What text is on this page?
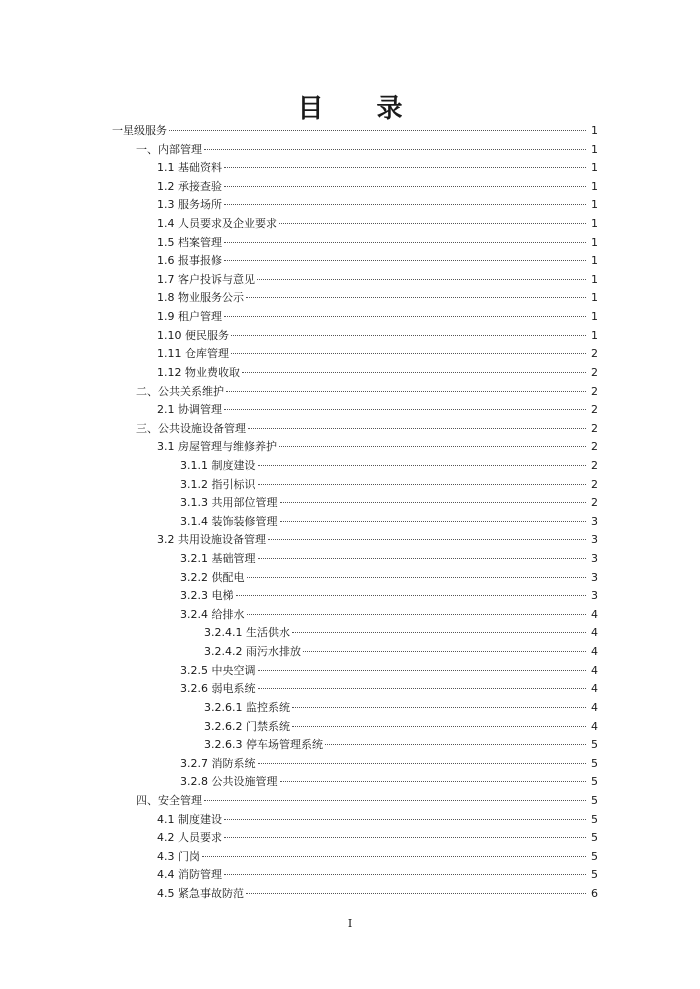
目 录
一星级服务	1
一、内部管理	1
1.1 基础资料	1
1.2 承接查验	1
1.3 服务场所	1
1.4 人员要求及企业要求	1
1.5 档案管理	1
1.6 报事报修	1
1.7 客户投诉与意见	1
1.8 物业服务公示	1
1.9 租户管理	1
1.10 便民服务	1
1.11 仓库管理	2
1.12 物业费收取	2
二、公共关系维护	2
2.1 协调管理	2
三、公共设施设备管理	2
3.1 房屋管理与维修养护	2
3.1.1 制度建设	2
3.1.2 指引标识	2
3.1.3 共用部位管理	2
3.1.4 装饰装修管理	3
3.2 共用设施设备管理	3
3.2.1 基础管理	3
3.2.2 供配电	3
3.2.3 电梯	3
3.2.4 给排水	4
3.2.4.1 生活供水	4
3.2.4.2 雨污水排放	4
3.2.5 中央空调	4
3.2.6 弱电系统	4
3.2.6.1 监控系统	4
3.2.6.2 门禁系统	4
3.2.6.3 停车场管理系统	5
3.2.7 消防系统	5
3.2.8 公共设施管理	5
四、安全管理	5
4.1 制度建设	5
4.2 人员要求	5
4.3 门岗	5
4.4 消防管理	5
4.5 紧急事故防范	6
I
